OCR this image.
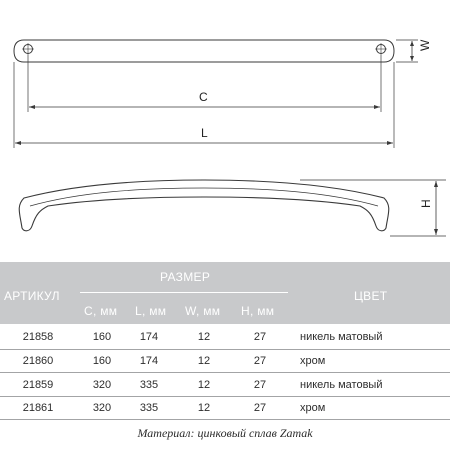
W
C
L
H
АРТИКУЛ
РАЗМЕР
C, мм L, мм W, мм H, мм
ЦВЕТ
21858	160	174	12	27	никель матовый
21860	160	174	12	27	хром
21859	320	335	12	27	никель матовый
21861	320	335	12	27	хром
Материал: цинковый сплав Zamak
